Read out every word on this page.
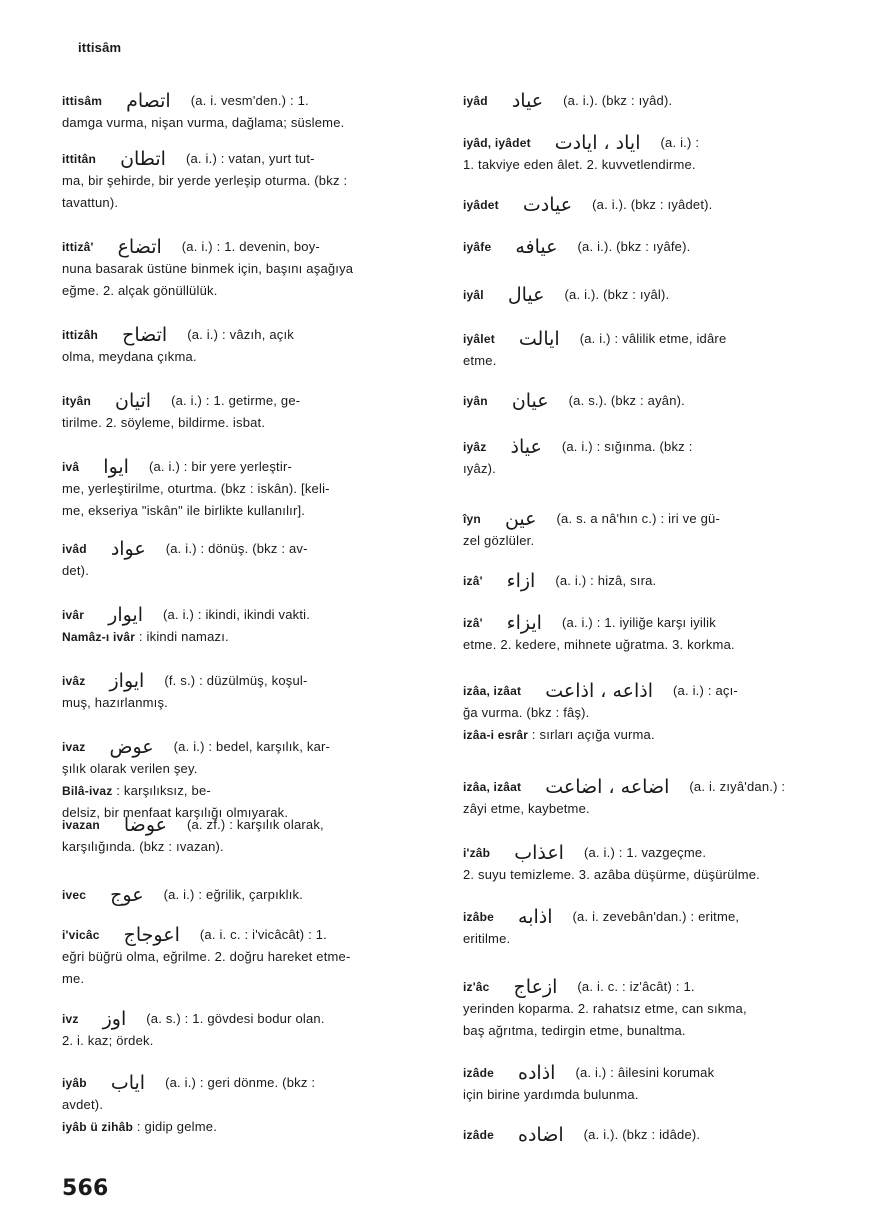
ittisâm
ittisâm اتصام (a. i. vesm'den.) : 1.
damga vurma, nişan vurma, dağlama; süsleme.
ittitân اتطان (a. i.) : vatan, yurt tut-
ma, bir şehirde, bir yerde yerleşip oturma. (bkz :
tavattun).
ittizâ' اتضاع (a. i.) : 1. devenin, boy-
nuna basarak üstüne binmek için, başını aşağıya
eğme. 2. alçak gönüllülük.
ittizâh اتضاح (a. i.) : vâzıh, açık
olma, meydana çıkma.
ityân اتيان (a. i.) : 1. getirme, ge-
tirilme. 2. söyleme, bildirme. isbat.
ivâ ايوا (a. i.) : bir yere yerleştir-
me, yerleştirilme, oturtma. (bkz : iskân). [keli-
me, ekseriya "iskân" ile birlikte kullanılır].
ivâd عواد (a. i.) : dönüş. (bkz : av-
det).
ivâr ايوار (a. i.) : ikindi, ikindi vakti.
Namâz-ı ivâr : ikindi namazı.
ivâz ايواز (f. s.) : düzülmüş, koşul-
muş, hazırlanmış.
ivaz عوض (a. i.) : bedel, karşılık, kar-
şılık olarak verilen şey.
Bilâ-ivaz : karşılıksız, be-
delsiz, bir menfaat karşılığı olmıyarak.
ivazan عوضا (a. zf.) : karşılık olarak,
karşılığında. (bkz : ıvazan).
ivec عوج (a. i.) : eğrilik, çarpıklık.
i'vicâc اعوجاج (a. i. c. : i'vicâcât) : 1.
eğri büğrü olma, eğrilme. 2. doğru hareket etme-
me.
ivz اوز (a. s.) : 1. gövdesi bodur olan.
2. i. kaz; ördek.
iyâb اياب (a. i.) : geri dönme. (bkz :
avdet).
iyâb ü zihâb : gidip gelme.
iyâd عياد (a. i.). (bkz : ıyâd).
iyâd, iyâdet اياد ، ايادت (a. i.) :
1. takviye eden âlet. 2. kuvvetlendirme.
iyâdet عيادت (a. i.). (bkz : ıyâdet).
iyâfe عيافه (a. i.). (bkz : ıyâfe).
iyâl عيال (a. i.). (bkz : ıyâl).
iyâlet ايالت (a. i.) : vâlilik etme, idâre
etme.
iyân عيان (a. s.). (bkz : ayân).
iyâz عياذ (a. i.) : sığınma. (bkz :
ıyâz).
îyn عين (a. s. a nâ'hın c.) : iri ve gü-
zel gözlüler.
izâ' ازاء (a. i.) : hizâ, sıra.
izâ' ايزاء (a. i.) : 1. iyiliğe karşı iyilik
etme. 2. kedere, mihnete uğratma. 3. korkma.
izâa, izâat اذاعه ، اذاعت (a. i.) : açı-
ğa vurma. (bkz : fâş).
izâa-i esrâr : sırları açığa vurma.
izâa, izâat اضاعه ، اضاعت (a. i. zıyâ'dan.) :
zâyi etme, kaybetme.
i'zâb اعذاب (a. i.) : 1. vazgeçme.
2. suyu temizleme. 3. azâba düşürme, düşürülme.
izâbe اذابه (a. i. zevebân'dan.) : eritme,
eritilme.
iz'âc ازعاج (a. i. c. : iz'âcât) : 1.
yerinden koparma. 2. rahatsız etme, can sıkma,
baş ağrıtma, tedirgin etme, bunaltma.
izâde اذاده (a. i.) : âilesini korumak
için birine yardımda bulunma.
izâde اضاده (a. i.). (bkz : idâde).
566
